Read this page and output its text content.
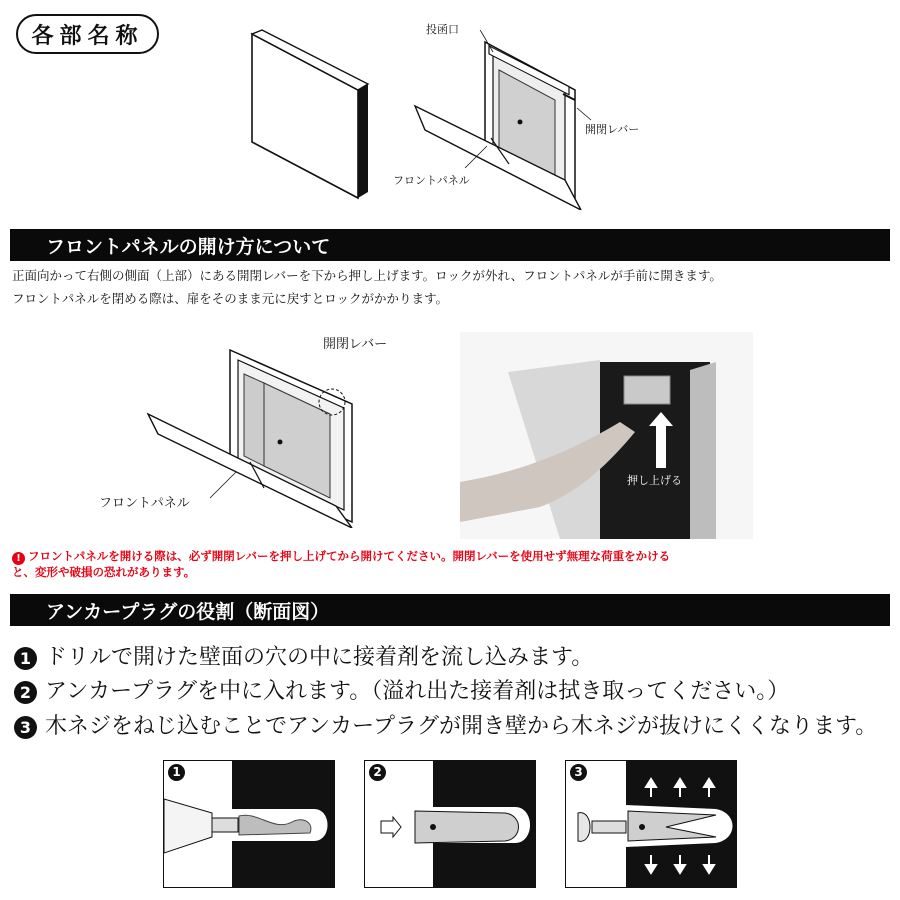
各部名称	投函口
開閉レバー
フロントパネル
フロントパネルの開け方について
正面向かって右側の側面（上部）にある開閉レバーを下から押し上げます。ロックが外れ、フロントパネルが手前に開きます。
フロントパネルを閉める際は、扉をそのまま元に戻すとロックがかかります。
開閉レバー
フロントパネル
押し上げる
! フロントパネルを開ける際は、必ず開閉レバーを押し上げてから開けてください。開閉レバーを使用せず無理な荷重をかける
と、変形や破損の恐れがあります。
アンカープラグの役割（断面図）
1 ドリルで開けた壁面の穴の中に接着剤を流し込みます。
2 アンカープラグを中に入れます。（溢れ出た接着剤は拭き取ってください。）
3 木ネジをねじ込むことでアンカープラグが開き壁から木ネジが抜けにくくなります。
1	2	3
